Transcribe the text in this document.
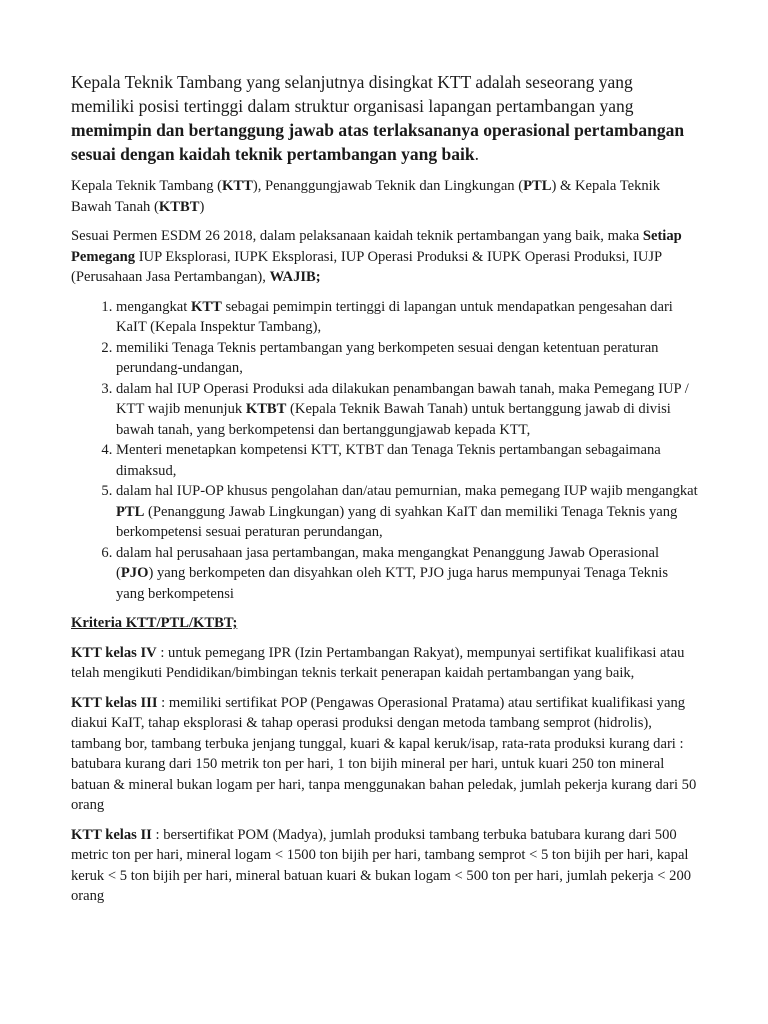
Kepala Teknik Tambang yang selanjutnya disingkat KTT adalah seseorang yang memiliki posisi tertinggi dalam struktur organisasi lapangan pertambangan yang memimpin dan bertanggung jawab atas terlaksananya operasional pertambangan sesuai dengan kaidah teknik pertambangan yang baik.

Kepala Teknik Tambang (KTT), Penanggungjawab Teknik dan Lingkungan (PTL) & Kepala Teknik Bawah Tanah (KTBT)

Sesuai Permen ESDM 26 2018, dalam pelaksanaan kaidah teknik pertambangan yang baik, maka Setiap Pemegang IUP Eksplorasi, IUPK Eksplorasi, IUP Operasi Produksi & IUPK Operasi Produksi, IUJP (Perusahaan Jasa Pertambangan), WAJIB;

1. mengangkat KTT sebagai pemimpin tertinggi di lapangan untuk mendapatkan pengesahan dari KaIT (Kepala Inspektur Tambang),
2. memiliki Tenaga Teknis pertambangan yang berkompeten sesuai dengan ketentuan peraturan perundang-undangan,
3. dalam hal IUP Operasi Produksi ada dilakukan penambangan bawah tanah, maka Pemegang IUP / KTT wajib menunjuk KTBT (Kepala Teknik Bawah Tanah) untuk bertanggung jawab di divisi bawah tanah, yang berkompetensi dan bertanggungjawab kepada KTT,
4. Menteri menetapkan kompetensi KTT, KTBT dan Tenaga Teknis pertambangan sebagaimana dimaksud,
5. dalam hal IUP-OP khusus pengolahan dan/atau pemurnian, maka pemegang IUP wajib mengangkat PTL (Penanggung Jawab Lingkungan) yang di syahkan KaIT dan memiliki Tenaga Teknis yang berkompetensi sesuai peraturan perundangan,
6. dalam hal perusahaan jasa pertambangan, maka mengangkat Penanggung Jawab Operasional (PJO) yang berkompeten dan disyahkan oleh KTT, PJO juga harus mempunyai Tenaga Teknis yang berkompetensi

Kriteria KTT/PTL/KTBT;

KTT kelas IV : untuk pemegang IPR (Izin Pertambangan Rakyat), mempunyai sertifikat kualifikasi atau telah mengikuti Pendidikan/bimbingan teknis terkait penerapan kaidah pertambangan yang baik,

KTT kelas III : memiliki sertifikat POP (Pengawas Operasional Pratama) atau sertifikat kualifikasi yang diakui KaIT, tahap eksplorasi & tahap operasi produksi dengan metoda tambang semprot (hidrolis), tambang bor, tambang terbuka jenjang tunggal, kuari & kapal keruk/isap, rata-rata produksi kurang dari : batubara kurang dari 150 metrik ton per hari, 1 ton bijih mineral per hari, untuk kuari 250 ton mineral batuan & mineral bukan logam per hari, tanpa menggunakan bahan peledak, jumlah pekerja kurang dari 50 orang

KTT kelas II : bersertifikat POM (Madya), jumlah produksi tambang terbuka batubara kurang dari 500 metric ton per hari, mineral logam < 1500 ton bijih per hari, tambang semprot < 5 ton bijih per hari, kapal keruk < 5 ton bijih per hari, mineral batuan kuari & bukan logam < 500 ton per hari, jumlah pekerja < 200 orang
